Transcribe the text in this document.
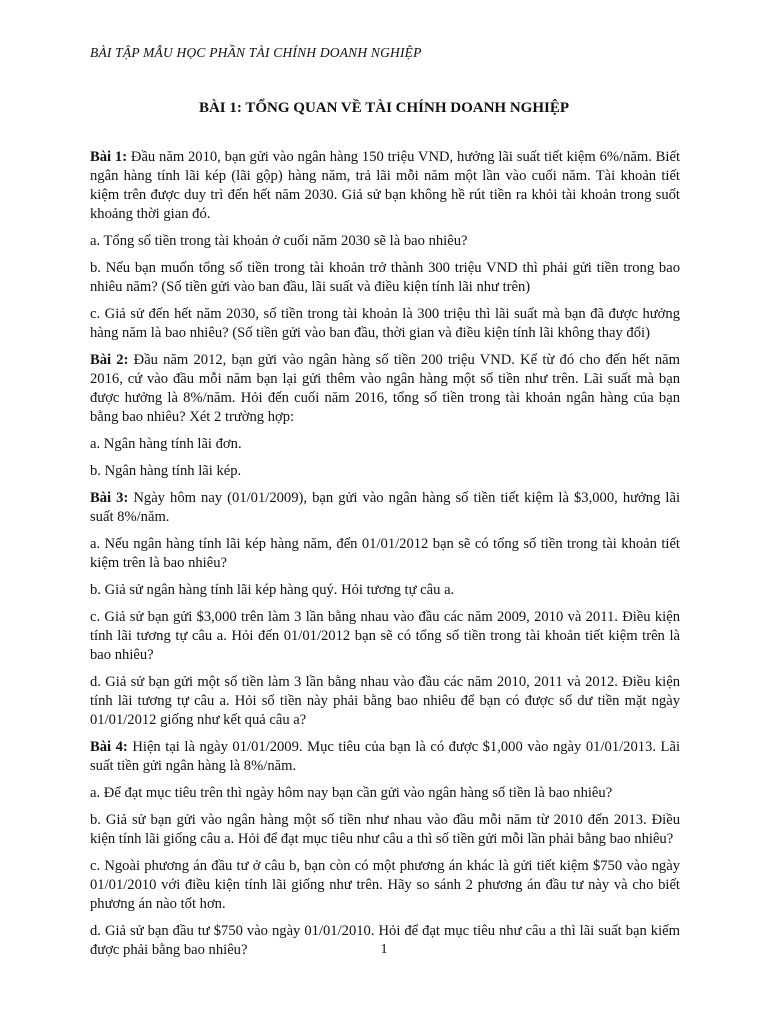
BÀI TẬP MẪU HỌC PHẦN TÀI CHÍNH DOANH NGHIỆP
BÀI 1: TỔNG QUAN VỀ TÀI CHÍNH DOANH NGHIỆP

Bài 1: Đầu năm 2010, bạn gửi vào ngân hàng 150 triệu VND, hưởng lãi suất tiết kiệm 6%/năm. Biết ngân hàng tính lãi kép (lãi gộp) hàng năm, trả lãi mỗi năm một lần vào cuối năm. Tài khoản tiết kiệm trên được duy trì đến hết năm 2030. Giả sử bạn không hề rút tiền ra khỏi tài khoản trong suốt khoảng thời gian đó.

a. Tổng số tiền trong tài khoản ở cuối năm 2030 sẽ là bao nhiêu?

b. Nếu bạn muốn tổng số tiền trong tài khoản trở thành 300 triệu VND thì phải gửi tiền trong bao nhiêu năm? (Số tiền gửi vào ban đầu, lãi suất và điều kiện tính lãi như trên)

c. Giả sử đến hết năm 2030, số tiền trong tài khoản là 300 triệu thì lãi suất mà bạn đã được hưởng hàng năm là bao nhiêu? (Số tiền gửi vào ban đầu, thời gian và điều kiện tính lãi không thay đổi)

Bài 2: Đầu năm 2012, bạn gửi vào ngân hàng số tiền 200 triệu VND. Kể từ đó cho đến hết năm 2016, cứ vào đầu mỗi năm bạn lại gửi thêm vào ngân hàng một số tiền như trên. Lãi suất mà bạn được hưởng là 8%/năm. Hỏi đến cuối năm 2016, tổng số tiền trong tài khoản ngân hàng của bạn bằng bao nhiêu? Xét 2 trường hợp:

a. Ngân hàng tính lãi đơn.

b. Ngân hàng tính lãi kép.

Bài 3: Ngày hôm nay (01/01/2009), bạn gửi vào ngân hàng số tiền tiết kiệm là $3,000, hưởng lãi suất 8%/năm.

a. Nếu ngân hàng tính lãi kép hàng năm, đến 01/01/2012 bạn sẽ có tổng số tiền trong tài khoản tiết kiệm trên là bao nhiêu?

b. Giả sử ngân hàng tính lãi kép hàng quý. Hỏi tương tự câu a.

c. Giả sử bạn gửi $3,000 trên làm 3 lần bằng nhau vào đầu các năm 2009, 2010 và 2011. Điều kiện tính lãi tương tự câu a. Hỏi đến 01/01/2012 bạn sẽ có tổng số tiền trong tài khoản tiết kiệm trên là bao nhiêu?

d. Giả sử bạn gửi một số tiền làm 3 lần bằng nhau vào đầu các năm 2010, 2011 và 2012. Điều kiện tính lãi tương tự câu a. Hỏi số tiền này phải bằng bao nhiêu để bạn có được số dư tiền mặt ngày 01/01/2012 giống như kết quả câu a?

Bài 4: Hiện tại là ngày 01/01/2009. Mục tiêu của bạn là có được $1,000 vào ngày 01/01/2013. Lãi suất tiền gửi ngân hàng là 8%/năm.

a. Để đạt mục tiêu trên thì ngày hôm nay bạn cần gửi vào ngân hàng số tiền là bao nhiêu?

b. Giả sử bạn gửi vào ngân hàng một số tiền như nhau vào đầu mỗi năm từ 2010 đến 2013. Điều kiện tính lãi giống câu a. Hỏi để đạt mục tiêu như câu a thì số tiền gửi mỗi lần phải bằng bao nhiêu?

c. Ngoài phương án đầu tư ở câu b, bạn còn có một phương án khác là gửi tiết kiệm $750 vào ngày 01/01/2010 với điều kiện tính lãi giống như trên. Hãy so sánh 2 phương án đầu tư này và cho biết phương án nào tốt hơn.

d. Giả sử bạn đầu tư $750 vào ngày 01/01/2010. Hỏi để đạt mục tiêu như câu a thì lãi suất bạn kiếm được phải bằng bao nhiêu?	1
